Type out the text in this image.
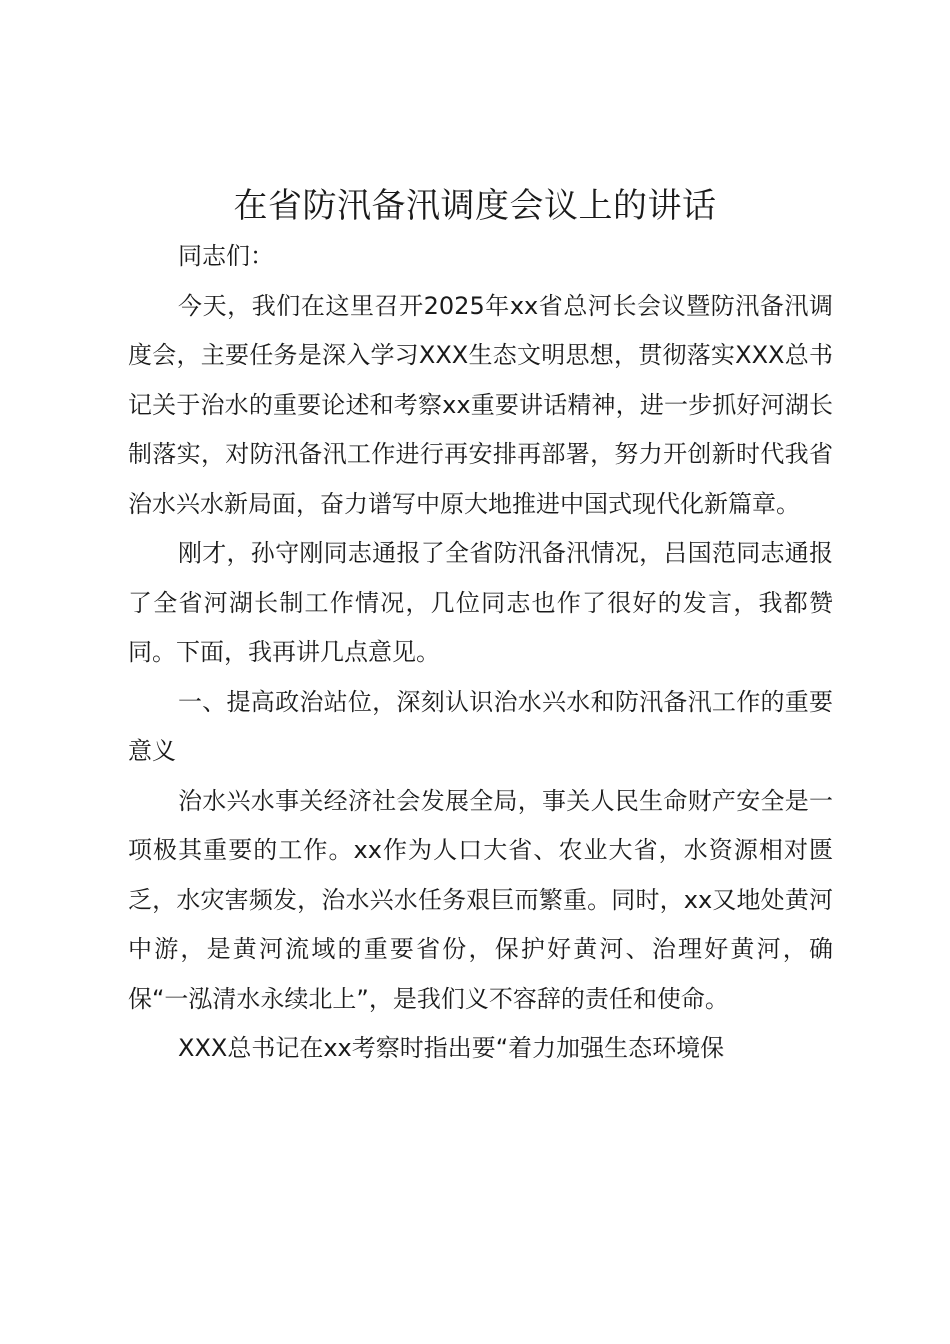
在省防汛备汛调度会议上的讲话

同志们：

今天，我们在这里召开2025年xx省总河长会议暨防汛备汛调度会，主要任务是深入学习XXX生态文明思想，贯彻落实XXX总书记关于治水的重要论述和考察xx重要讲话精神，进一步抓好河湖长制落实，对防汛备汛工作进行再安排再部署，努力开创新时代我省治水兴水新局面，奋力谱写中原大地推进中国式现代化新篇章。

刚才，孙守刚同志通报了全省防汛备汛情况，吕国范同志通报了全省河湖长制工作情况，几位同志也作了很好的发言，我都赞同。下面，我再讲几点意见。

一、提高政治站位，深刻认识治水兴水和防汛备汛工作的重要意义

治水兴水事关经济社会发展全局，事关人民生命财产安全是一项极其重要的工作。xx作为人口大省、农业大省，水资源相对匮乏，水灾害频发，治水兴水任务艰巨而繁重。同时，xx又地处黄河中游，是黄河流域的重要省份，保护好黄河、治理好黄河，确保“一泓清水永续北上”，是我们义不容辞的责任和使命。

XXX总书记在xx考察时指出要“着力加强生态环境保
